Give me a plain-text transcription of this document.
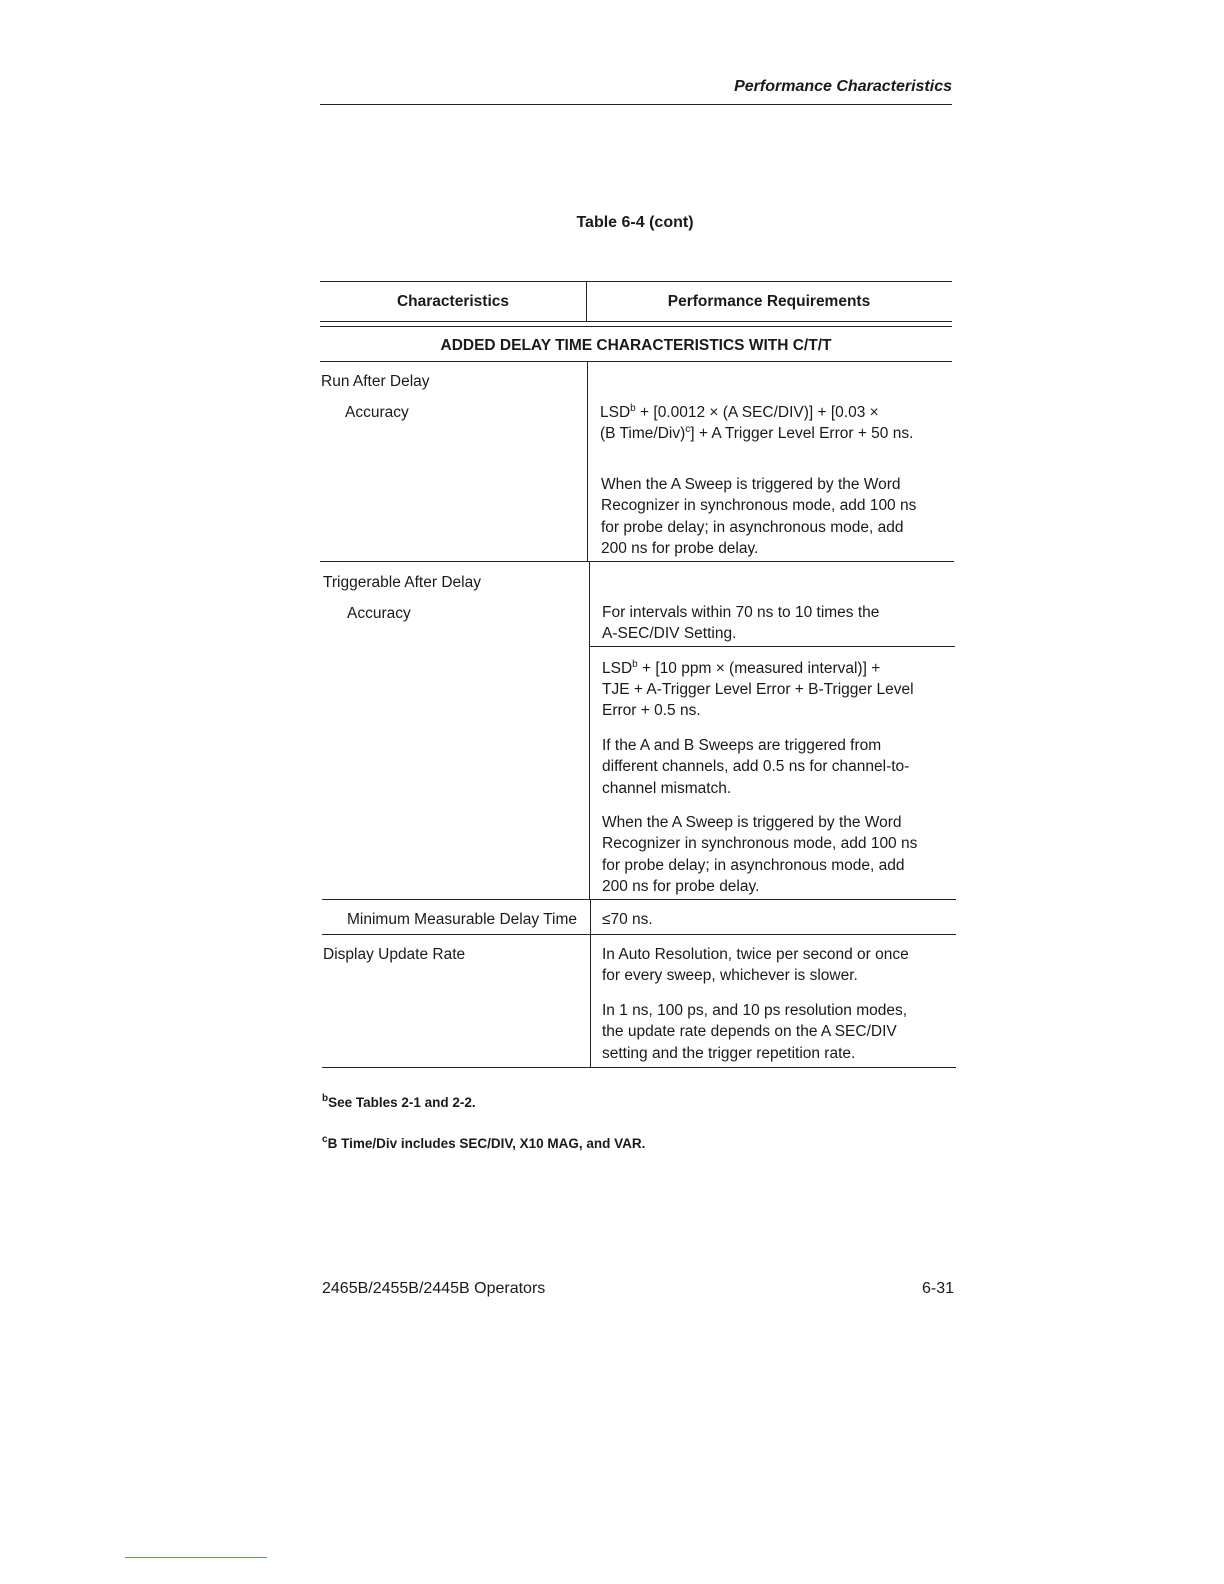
Performance Characteristics
Table 6-4 (cont)
Characteristics	Performance Requirements
ADDED DELAY TIME CHARACTERISTICS WITH C/T/T
Run After Delay
Accuracy	$LSD^b + [0.0012 \times (A$ SEC/DIV)] + [0.03 ×
(B Time/Div)$^c$] + A Trigger Level Error + 50 ns.
When the A Sweep is triggered by the Word
Recognizer in synchronous mode, add 100 ns
for probe delay; in asynchronous mode, add
200 ns for probe delay.
Triggerable After Delay
Accuracy	For intervals within 70 ns to 10 times the
A-SEC/DIV Setting.
$LSD^b + [10$ ppm × (measured interval)] +
TJE + A-Trigger Level Error + B-Trigger Level
Error + 0.5 ns.
If the A and B Sweeps are triggered from
different channels, add 0.5 ns for channel-to-
channel mismatch.
When the A Sweep is triggered by the Word
Recognizer in synchronous mode, add 100 ns
for probe delay; in asynchronous mode, add
200 ns for probe delay.
Minimum Measurable Delay Time ≤70 ns.
Display Update Rate	In Auto Resolution, twice per second or once
for every sweep, whichever is slower.
In 1 ns, 100 ps, and 10 ps resolution modes,
the update rate depends on the A SEC/DIV
setting and the trigger repetition rate.
$^b$See Tables 2-1 and 2-2.
$^c$B Time/Div includes SEC/DIV, X10 MAG, and VAR.
2465B/2455B/2445B Operators	6-31
